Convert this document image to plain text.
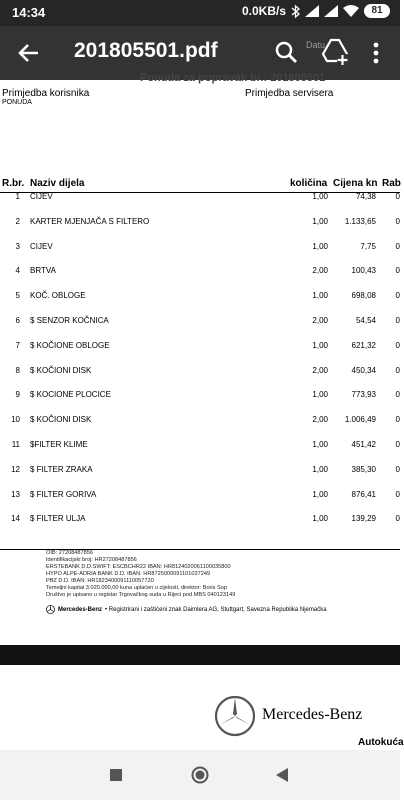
14:34	0.0KB/s	81
201805501.pdf	Datu
Ponuda za popravak br.: 201805501
Primjedba korisnika	Primjedba servisera
PONUDA
R.br. Naziv dijela	količina Cijena kn Rab
1 CIJEV	1,00	74,38 0
2 KARTER MJENJAČA S FILTERO	1,00 1.133,65 0
3 CIJEV	1,00	7,75 0
4 BRTVA	2,00	100,43 0
5 KOČ. OBLOGE	1,00	698,08 0
6 $ SENZOR KOČNICA	2,00	54,54 0
7 $ KOČIONE OBLOGE	1,00	621,32 0
8 $ KOČIONI DISK	2,00	450,34 0
9 $ KOCIONE PLOCICE	1,00	773,93 0
10 $ KOČIONI DISK	2,00 1.006,49 0
11 $FILTER KLIME	1,00	451,42 0
12 $ FILTER ZRAKA	1,00	385,30 0
13 $ FILTER GORIVA	1,00	876,41 0
14 $ FILTER ULJA	1,00	139,29 0
OIB: 27208487856
Identifikacijski broj: HR27208487856
ERSTEBANK D.D.SWIFT: ESCBCHR22 IBAN: HR8124020061100035800
HYPO ALPE-ADRIA BANK D.D. IBAN: HR8725000091101037249
PBZ D.D. IBAN: HR1823400091110057720
Temeljni kapital 3.020.000,00 kuna uplaćen u cijelosti, direktor: Boris Sop
Društvo je upisano u registar Trgovačkog suda u Rijeci pod MBS 040123149
Mercedes-Benz • Registrirani i zaštićeni znak Daimlera AG, Stuttgart, Savezna Republika Njemačka
Mercedes-Benz
Autokuća
